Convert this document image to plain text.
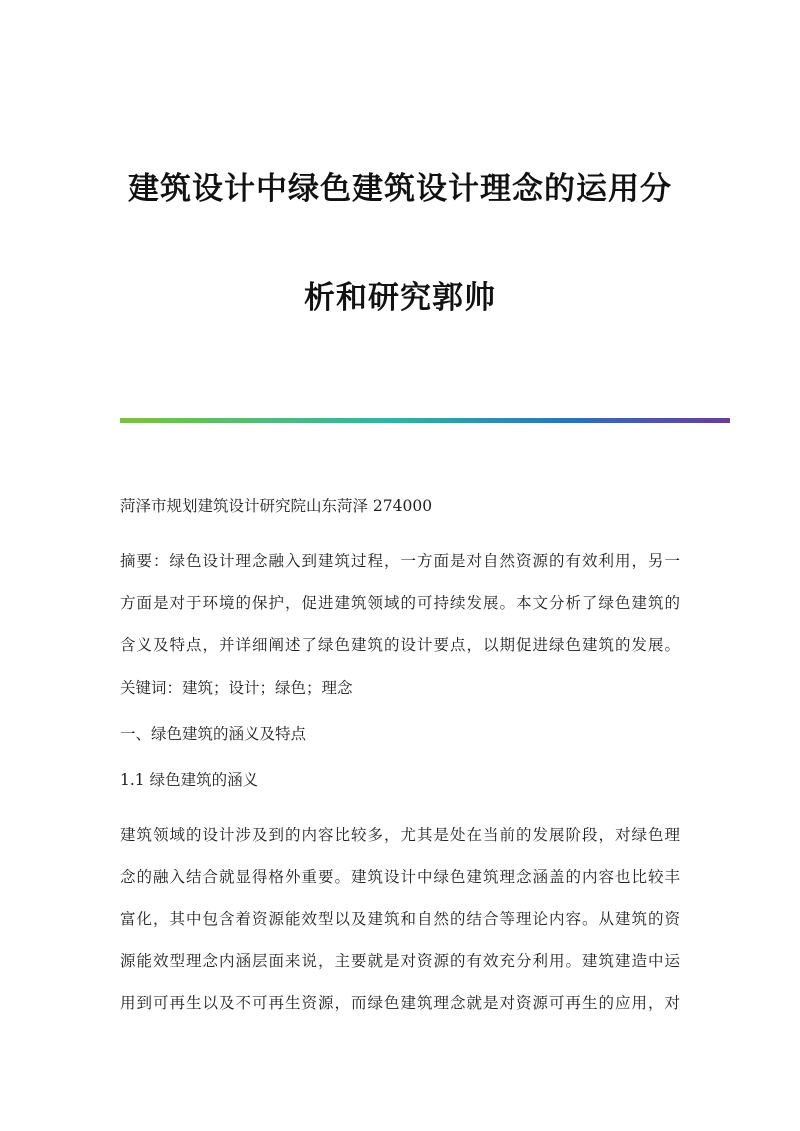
建筑设计中绿色建筑设计理念的运用分
析和研究郭帅
菏泽市规划建筑设计研究院山东菏泽 274000
摘要：绿色设计理念融入到建筑过程，一方面是对自然资源的有效利用，另一
方面是对于环境的保护，促进建筑领域的可持续发展。本文分析了绿色建筑的
含义及特点，并详细阐述了绿色建筑的设计要点，以期促进绿色建筑的发展。
关键词：建筑；设计；绿色；理念
一、绿色建筑的涵义及特点
1.1 绿色建筑的涵义
建筑领域的设计涉及到的内容比较多，尤其是处在当前的发展阶段，对绿色理
念的融入结合就显得格外重要。建筑设计中绿色建筑理念涵盖的内容也比较丰
富化，其中包含着资源能效型以及建筑和自然的结合等理论内容。从建筑的资
源能效型理念内涵层面来说，主要就是对资源的有效充分利用。建筑建造中运
用到可再生以及不可再生资源，而绿色建筑理念就是对资源可再生的应用，对
